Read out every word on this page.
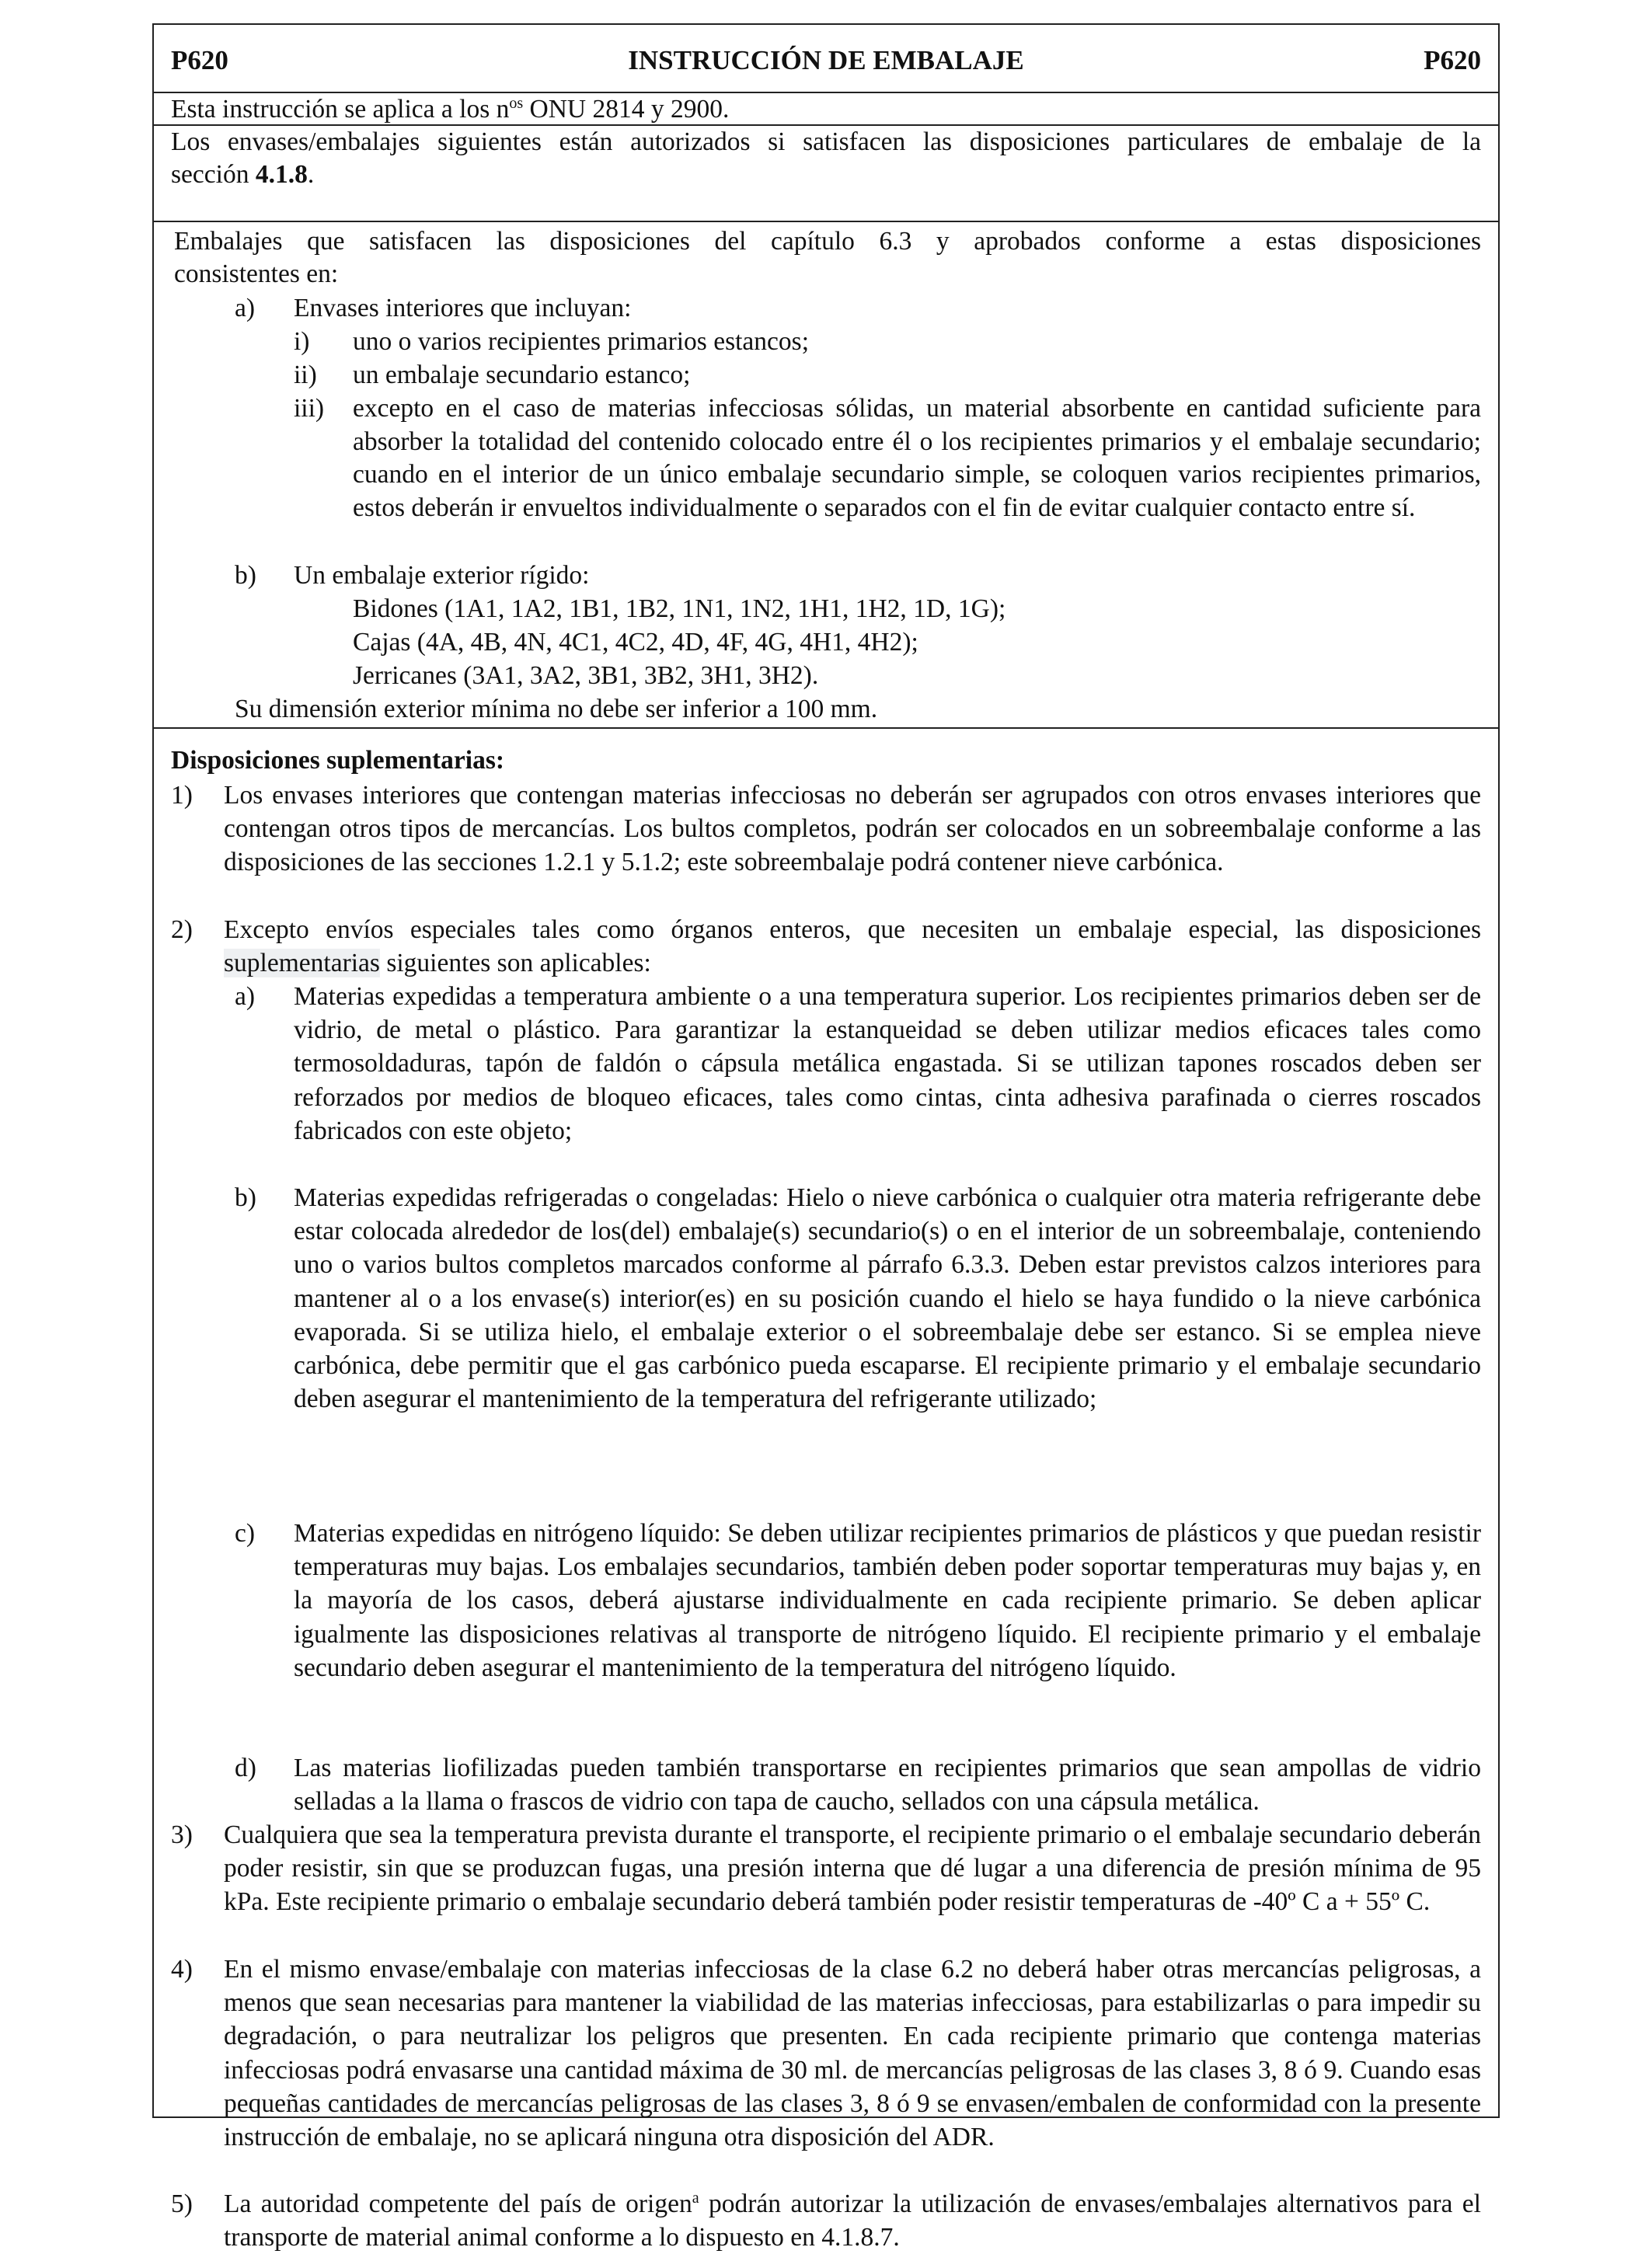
P620	INSTRUCCIÓN DE EMBALAJE	P620
Esta instrucción se aplica a los $n^{os}$ ONU 2814 y 2900.
Los envases/embalajes siguientes están autorizados si satisfacen las disposiciones particulares de embalaje de la
sección 4.1.8.
Embalajes que satisfacen las disposiciones del capítulo 6.3 y aprobados conforme a estas disposiciones
consistentes en:
a) Envases interiores que incluyan:
i) uno o varios recipientes primarios estancos;
ii) un embalaje secundario estanco;
iii) excepto en el caso de materias infecciosas sólidas, un material absorbente en cantidad suficiente para absorber la totalidad del contenido colocado entre él o los recipientes primarios y el embalaje secundario; cuando en el interior de un único embalaje secundario simple, se coloquen varios recipientes primarios, estos deberán ir envueltos individualmente o separados con el fin de evitar cualquier contacto entre sí.
b) Un embalaje exterior rígido:
Bidones (1A1, 1A2, 1B1, 1B2, 1N1, 1N2, 1H1, 1H2, 1D, 1G);
Cajas (4A, 4B, 4N, 4C1, 4C2, 4D, 4F, 4G, 4H1, 4H2);
Jerricanes (3A1, 3A2, 3B1, 3B2, 3H1, 3H2).
Su dimensión exterior mínima no debe ser inferior a 100 mm.
Disposiciones suplementarias:
1) Los envases interiores que contengan materias infecciosas no deberán ser agrupados con otros envases interiores que contengan otros tipos de mercancías. Los bultos completos, podrán ser colocados en un sobreembalaje conforme a las disposiciones de las secciones 1.2.1 y 5.1.2; este sobreembalaje podrá contener nieve carbónica.
2) Excepto envíos especiales tales como órganos enteros, que necesiten un embalaje especial, las disposiciones
suplementarias siguientes son aplicables:
a) Materias expedidas a temperatura ambiente o a una temperatura superior. Los recipientes primarios deben ser de vidrio, de metal o plástico. Para garantizar la estanqueidad se deben utilizar medios eficaces tales como termosoldaduras, tapón de faldón o cápsula metálica engastada. Si se utilizan tapones roscados deben ser reforzados por medios de bloqueo eficaces, tales como cintas, cinta adhesiva parafinada o cierres roscados fabricados con este objeto;
b) Materias expedidas refrigeradas o congeladas: Hielo o nieve carbónica o cualquier otra materia refrigerante debe estar colocada alrededor de los(del) embalaje(s) secundario(s) o en el interior de un sobreembalaje, conteniendo uno o varios bultos completos marcados conforme al párrafo 6.3.3. Deben estar previstos calzos interiores para mantener al o a los envase(s) interior(es) en su posición cuando el hielo se haya fundido o la nieve carbónica evaporada. Si se utiliza hielo, el embalaje exterior o el sobreembalaje debe ser estanco. Si se emplea nieve carbónica, debe permitir que el gas carbónico pueda escaparse. El recipiente primario y el embalaje secundario deben asegurar el mantenimiento de la temperatura del refrigerante utilizado;
c) Materias expedidas en nitrógeno líquido: Se deben utilizar recipientes primarios de plásticos y que puedan resistir temperaturas muy bajas. Los embalajes secundarios, también deben poder soportar temperaturas muy bajas y, en la mayoría de los casos, deberá ajustarse individualmente en cada recipiente primario. Se deben aplicar igualmente las disposiciones relativas al transporte de nitrógeno líquido. El recipiente primario y el embalaje secundario deben asegurar el mantenimiento de la temperatura del nitrógeno líquido.
d) Las materias liofilizadas pueden también transportarse en recipientes primarios que sean ampollas de vidrio selladas a la llama o frascos de vidrio con tapa de caucho, sellados con una cápsula metálica.
3) Cualquiera que sea la temperatura prevista durante el transporte, el recipiente primario o el embalaje secundario deberán poder resistir, sin que se produzcan fugas, una presión interna que dé lugar a una diferencia de presión mínima de 95 kPa. Este recipiente primario o embalaje secundario deberá también poder resistir temperaturas de -40º C a + 55º C.
4) En el mismo envase/embalaje con materias infecciosas de la clase 6.2 no deberá haber otras mercancías peligrosas, a menos que sean necesarias para mantener la viabilidad de las materias infecciosas, para estabilizarlas o para impedir su degradación, o para neutralizar los peligros que presenten. En cada recipiente primario que contenga materias infecciosas podrá envasarse una cantidad máxima de 30 ml. de mercancías peligrosas de las clases 3, 8 ó 9. Cuando esas pequeñas cantidades de mercancías peligrosas de las clases 3, 8 ó 9 se envasen/embalen de conformidad con la presente instrucción de embalaje, no se aplicará ninguna otra disposición del ADR.
5) La autoridad competente del país de origen$^a$ podrán autorizar la utilización de envases/embalajes alternativos para el transporte de material animal conforme a lo dispuesto en 4.1.8.7.
